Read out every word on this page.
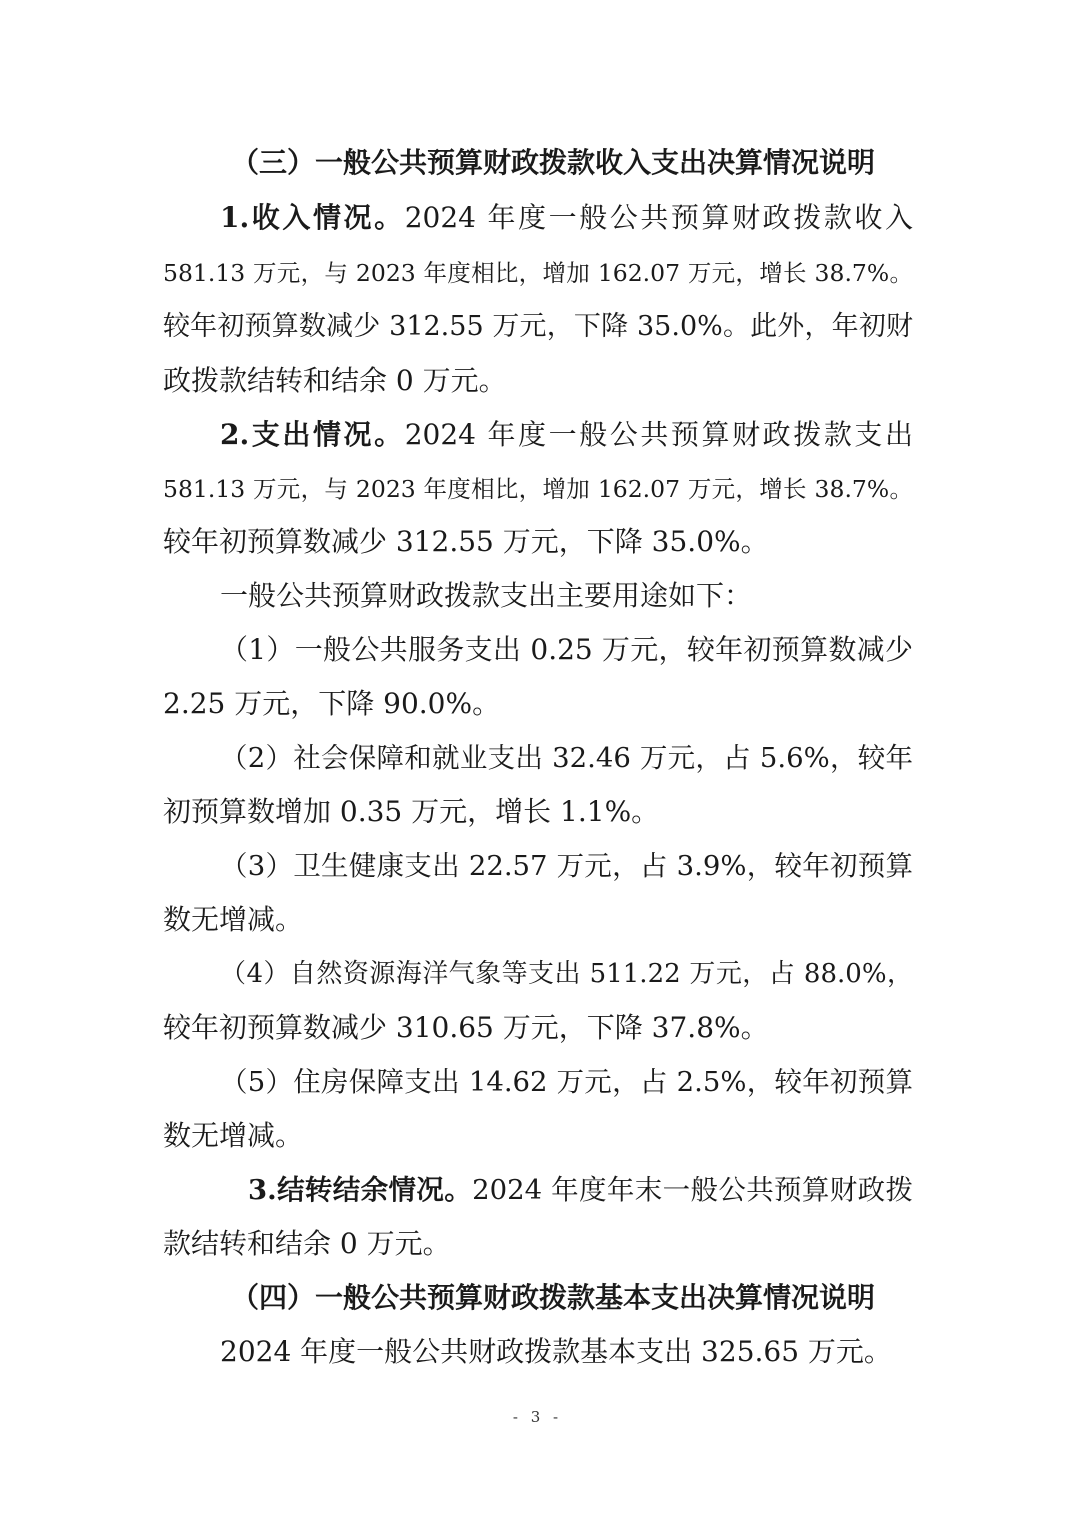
（三）一般公共预算财政拨款收入支出决算情况说明
1.收入情况。2024 年度一般公共预算财政拨款收入
581.13 万元，与 2023 年度相比，增加 162.07 万元，增长 38.7%。
较年初预算数减少 312.55 万元，下降 35.0%。此外，年初财
政拨款结转和结余 0 万元。
2.支出情况。2024 年度一般公共预算财政拨款支出
581.13 万元，与 2023 年度相比，增加 162.07 万元，增长 38.7%。
较年初预算数减少 312.55 万元，下降 35.0%。
一般公共预算财政拨款支出主要用途如下：
（1）一般公共服务支出 0.25 万元，较年初预算数减少
2.25 万元，下降 90.0%。
（2）社会保障和就业支出 32.46 万元，占 5.6%，较年
初预算数增加 0.35 万元，增长 1.1%。
（3）卫生健康支出 22.57 万元，占 3.9%，较年初预算
数无增减。
（4）自然资源海洋气象等支出 511.22 万元，占 88.0%，
较年初预算数减少 310.65 万元，下降 37.8%。
（5）住房保障支出 14.62 万元，占 2.5%，较年初预算
数无增减。
3.结转结余情况。2024 年度年末一般公共预算财政拨
款结转和结余 0 万元。
（四）一般公共预算财政拨款基本支出决算情况说明
2024 年度一般公共财政拨款基本支出 325.65 万元。
- 3 -
